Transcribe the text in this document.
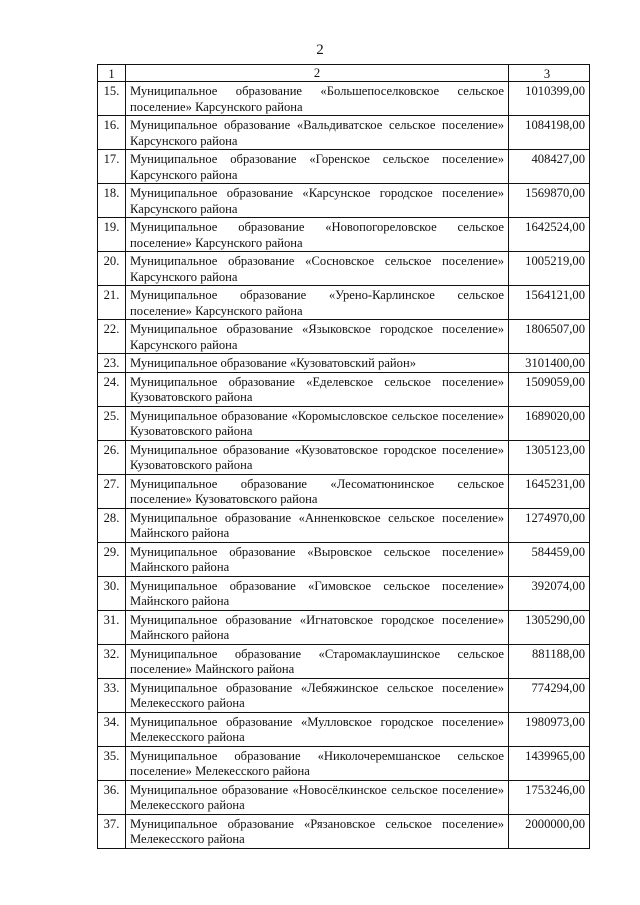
2
1	2	3
15.	Муниципальное образование «Большепоселковское сельское поселение» Карсунского района	1010399,00
16.	Муниципальное образование «Вальдиватское сельское поселение» Карсунского района	1084198,00
17.	Муниципальное образование «Горенское сельское поселение» Карсунского района	408427,00
18.	Муниципальное образование «Карсунское городское поселение» Карсунского района	1569870,00
19.	Муниципальное образование «Новопогореловское сельское поселение» Карсунского района	1642524,00
20.	Муниципальное образование «Сосновское сельское поселение» Карсунского района	1005219,00
21.	Муниципальное образование «Урено-Карлинское сельское поселение» Карсунского района	1564121,00
22.	Муниципальное образование «Языковское городское поселение» Карсунского района	1806507,00
23.	Муниципальное образование «Кузоватовский район»	3101400,00
24.	Муниципальное образование «Еделевское сельское поселение» Кузоватовского района	1509059,00
25.	Муниципальное образование «Коромысловское сельское поселение» Кузоватовского района	1689020,00
26.	Муниципальное образование «Кузоватовское городское поселение» Кузоватовского района	1305123,00
27.	Муниципальное образование «Лесоматюнинское сельское поселение» Кузоватовского района	1645231,00
28.	Муниципальное образование «Анненковское сельское поселение» Майнского района	1274970,00
29.	Муниципальное образование «Выровское сельское поселение» Майнского района	584459,00
30.	Муниципальное образование «Гимовское сельское поселение» Майнского района	392074,00
31.	Муниципальное образование «Игнатовское городское поселение» Майнского района	1305290,00
32.	Муниципальное образование «Старомаклаушинское сельское поселение» Майнского района	881188,00
33.	Муниципальное образование «Лебяжинское сельское поселение» Мелекесского района	774294,00
34.	Муниципальное образование «Мулловское городское поселение» Мелекесского района	1980973,00
35.	Муниципальное образование «Николочеремшанское сельское поселение» Мелекесского района	1439965,00
36.	Муниципальное образование «Новосёлкинское сельское поселение» Мелекесского района	1753246,00
37.	Муниципальное образование «Рязановское сельское поселение» Мелекесского района	2000000,00
